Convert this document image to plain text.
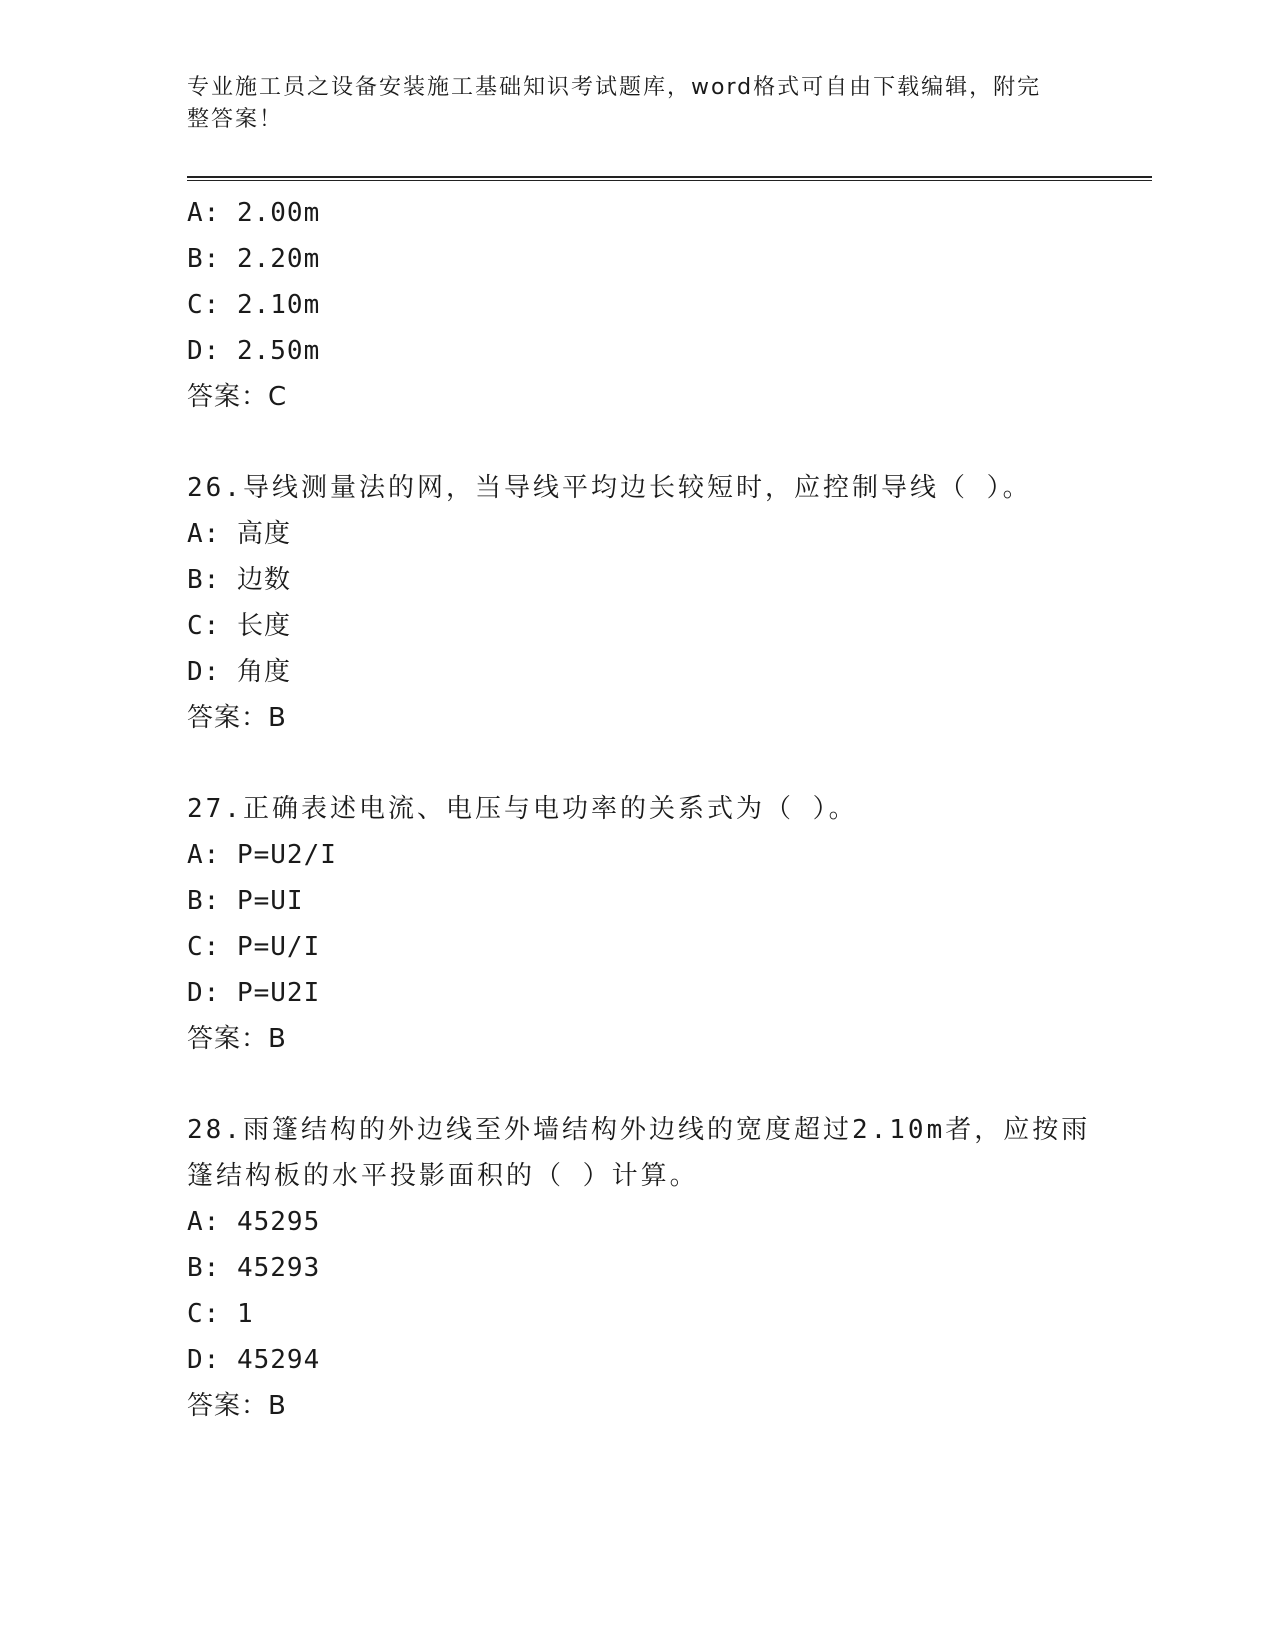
专业施工员之设备安装施工基础知识考试题库，word格式可自由下载编辑，附完
整答案！
A: 2.00m
B: 2.20m
C: 2.10m
D: 2.50m
答案：C
26.导线测量法的网，当导线平均边长较短时，应控制导线（ ）。
A: 高度
B: 边数
C: 长度
D: 角度
答案：B
27.正确表述电流、电压与电功率的关系式为（ ）。
A: P=U2/I
B: P=UI
C: P=U/I
D: P=U2I
答案：B
28.雨篷结构的外边线至外墙结构外边线的宽度超过2.10m者，应按雨
篷结构板的水平投影面积的（ ）计算。
A: 45295
B: 45293
C: 1
D: 45294
答案：B
